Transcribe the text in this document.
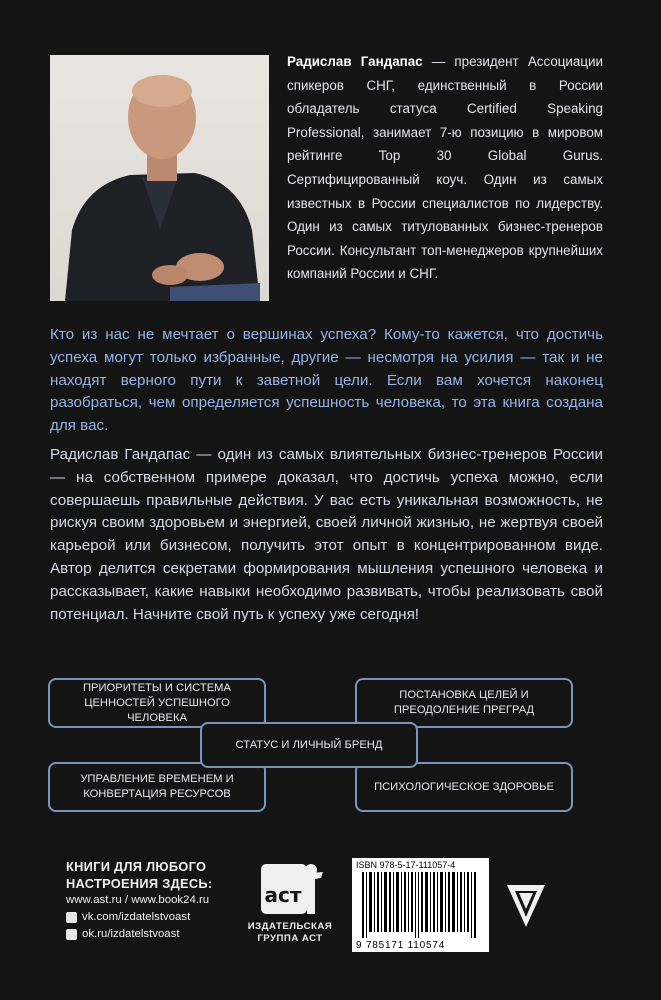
Радислав Гандапас — президент Ассоциации спикеров СНГ, единственный в России обладатель статуса Certified Speaking Professional, занимает 7-ю позицию в мировом рейтинге Top 30 Global Gurus. Сертифицированный коуч. Один из самых известных в России специалистов по лидерству. Один из самых титулованных бизнес-тренеров России. Консультант топ-менеджеров крупнейших компаний России и СНГ.
Кто из нас не мечтает о вершинах успеха? Кому-то кажется, что достичь успеха могут только избранные, другие — несмотря на усилия — так и не находят верного пути к заветной цели. Если вам хочется наконец разобраться, чем определяется успешность человека, то эта книга создана для вас.
Радислав Гандапас — один из самых влиятельных бизнес-тренеров России — на собственном примере доказал, что достичь успеха можно, если совершаешь правильные действия. У вас есть уникальная возможность, не рискуя своим здоровьем и энергией, своей личной жизнью, не жертвуя своей карьерой или бизнесом, получить этот опыт в концентрированном виде. Автор делится секретами формирования мышления успешного человека и рассказывает, какие навыки необходимо развивать, чтобы реализовать свой потенциал. Начните свой путь к успеху уже сегодня!
ПРИОРИТЕТЫ И СИСТЕМА ЦЕННОСТЕЙ УСПЕШНОГО ЧЕЛОВЕКА
ПОСТАНОВКА ЦЕЛЕЙ И ПРЕОДОЛЕНИЕ ПРЕГРАД
УПРАВЛЕНИЕ ВРЕМЕНЕМ И КОНВЕРТАЦИЯ РЕСУРСОВ
ПСИХОЛОГИЧЕСКОЕ ЗДОРОВЬЕ
СТАТУС И ЛИЧНЫЙ БРЕНД
КНИГИ ДЛЯ ЛЮБОГО
НАСТРОЕНИЯ ЗДЕСЬ:
www.ast.ru / www.book24.ru
vk.com/izdatelstvoast
ok.ru/izdatelstvoast
аст
ИЗДАТЕЛЬСКАЯ
ГРУППА АСТ
ISBN 978-5-17-111057-4
9 785171 110574
